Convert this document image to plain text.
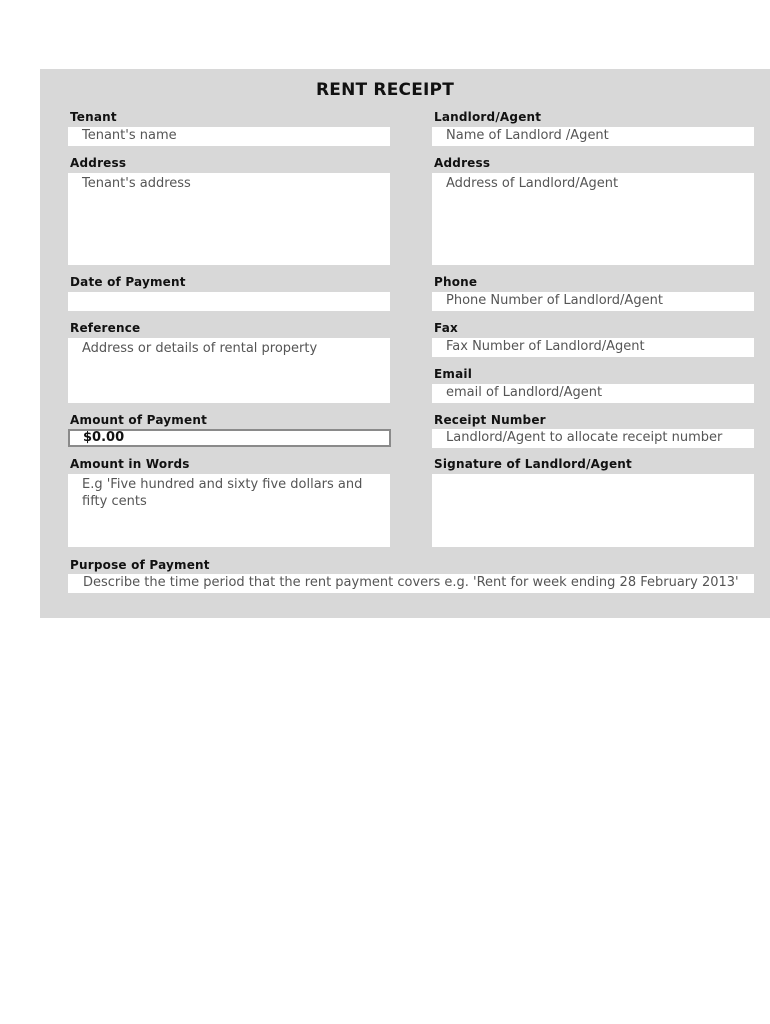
RENT RECEIPT
Tenant
Tenant's name
Address
Tenant's address
Date of Payment
Reference
Address or details of rental property
Amount of Payment
$0.00
Amount in Words
E.g 'Five hundred and sixty five dollars and fifty cents
Landlord/Agent
Name of Landlord /Agent
Address
Address of Landlord/Agent
Phone
Phone Number of Landlord/Agent
Fax
Fax Number of Landlord/Agent
Email
email of Landlord/Agent
Receipt Number
Landlord/Agent to allocate receipt number
Signature of Landlord/Agent
Purpose of Payment
Describe the time period that the rent payment covers e.g. 'Rent for week ending 28 February 2013'
